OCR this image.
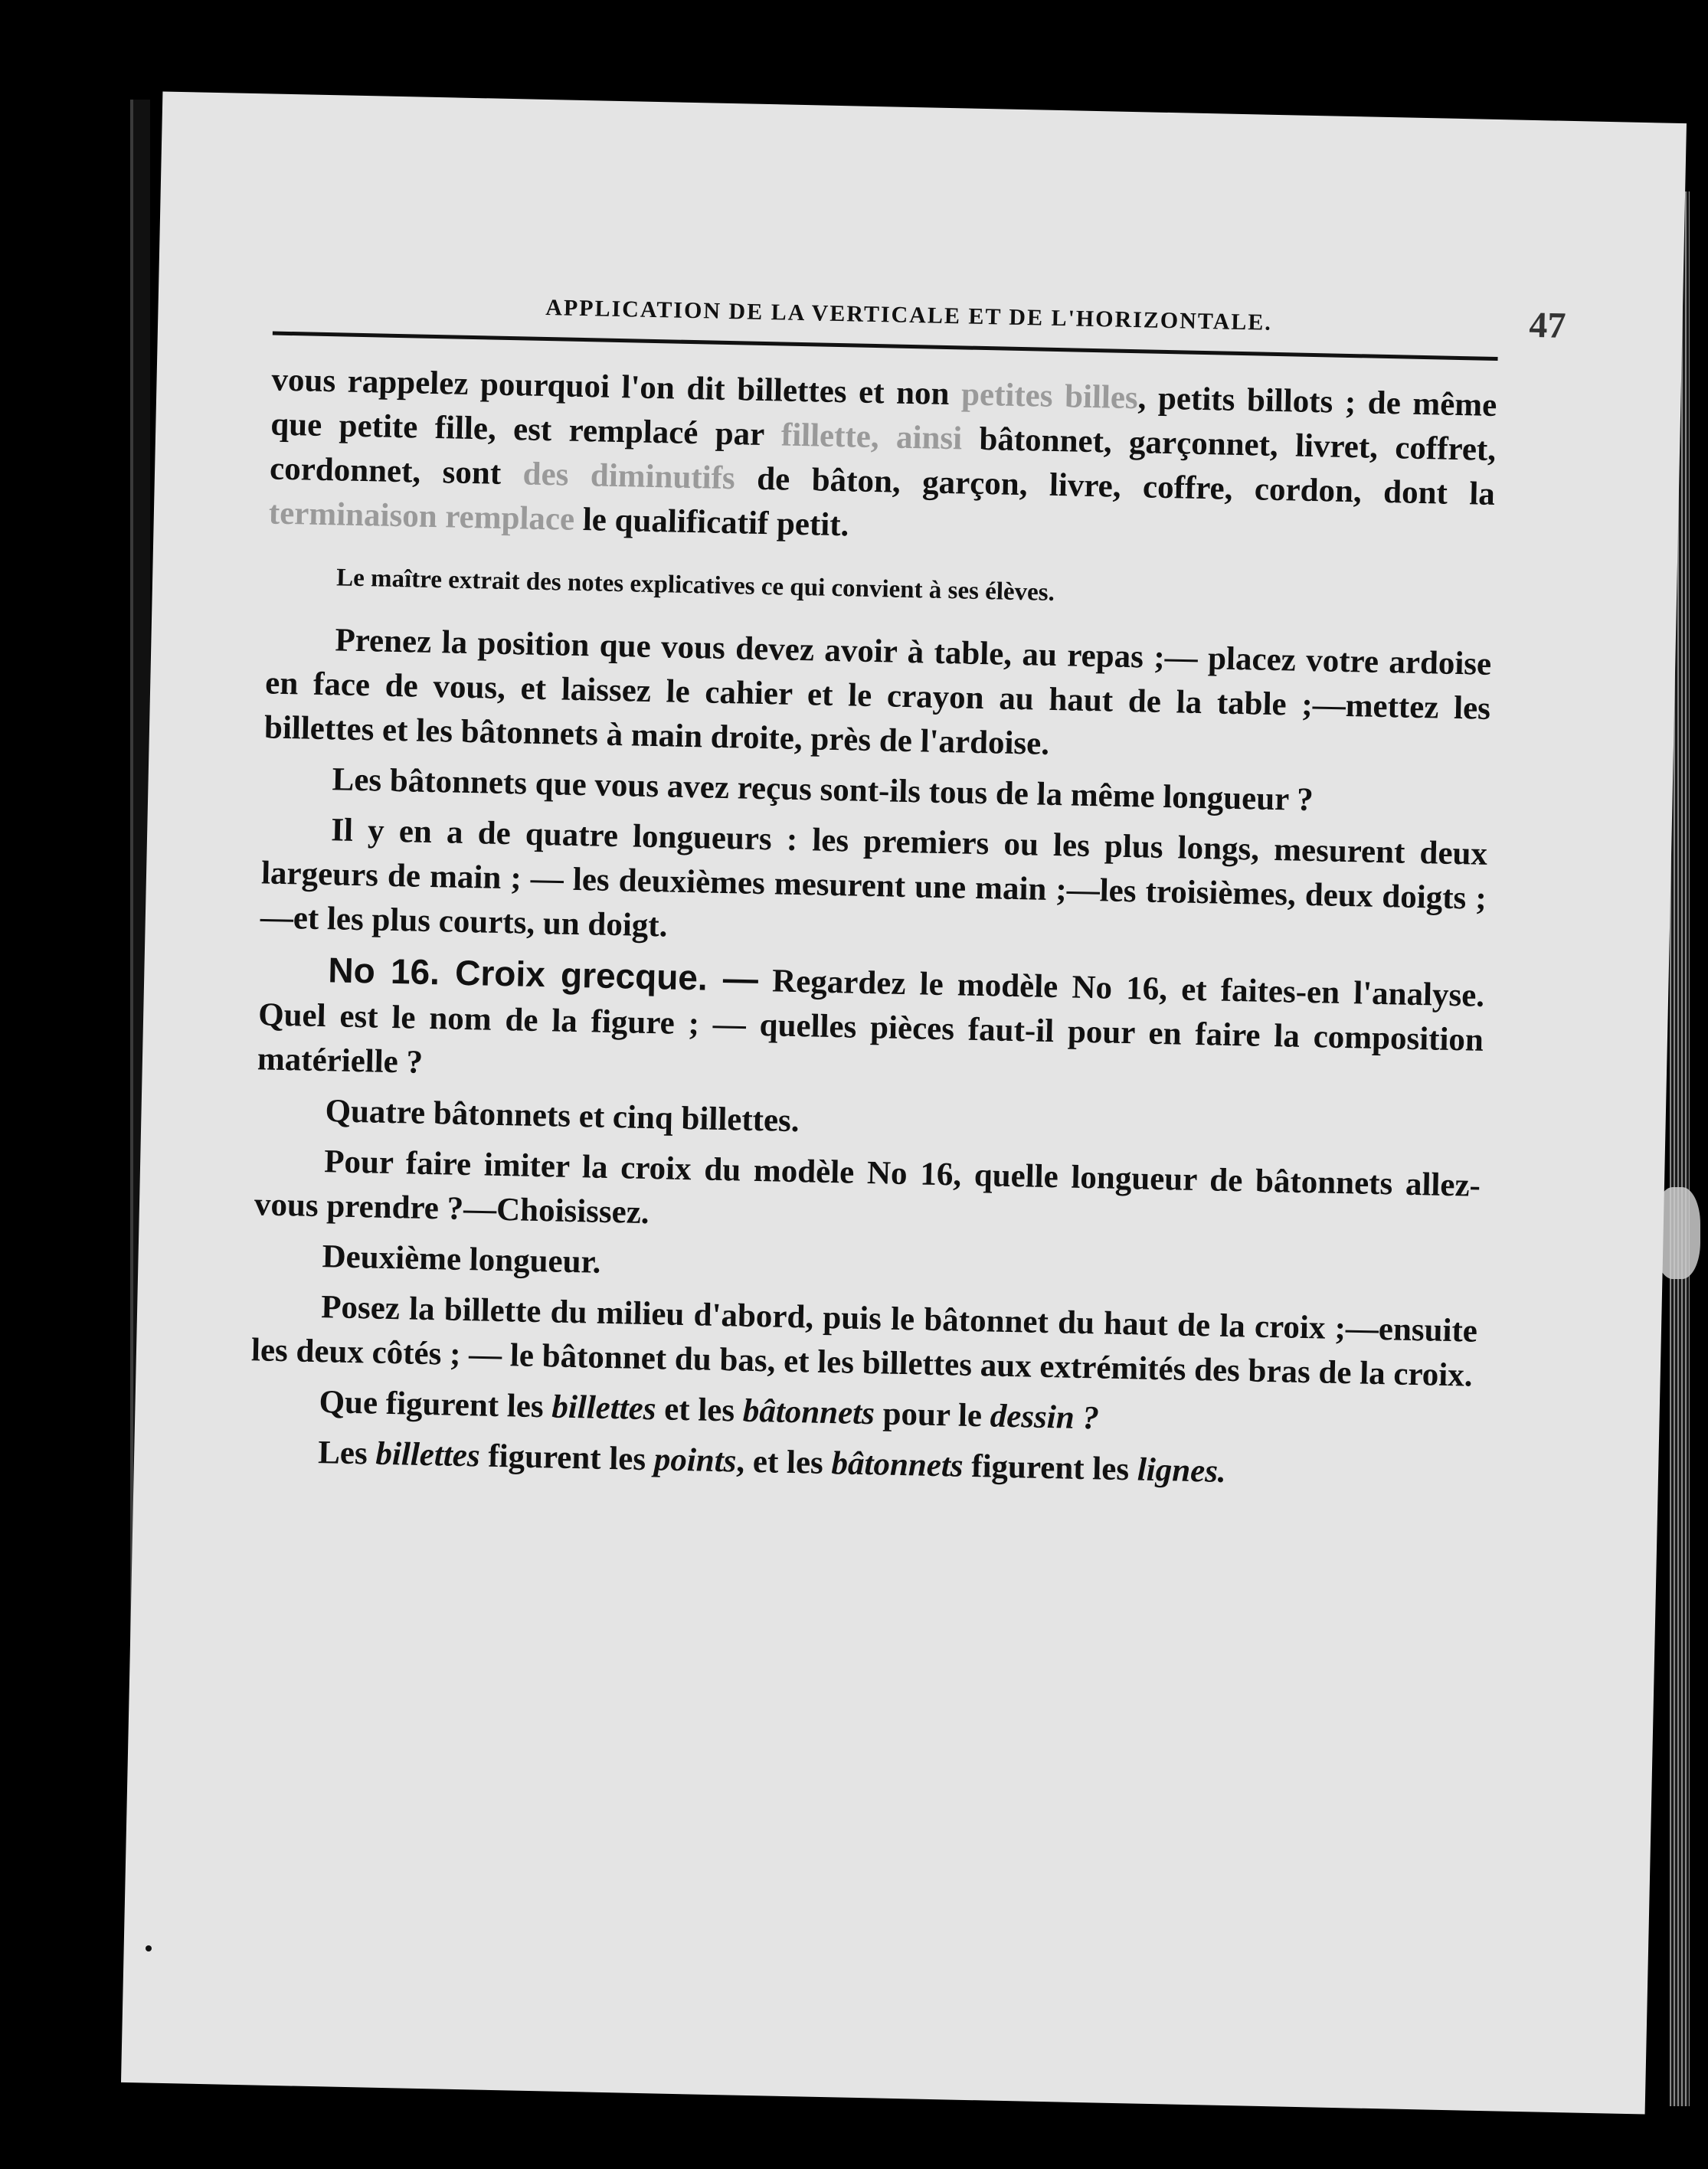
APPLICATION DE LA VERTICALE ET DE L'HORIZONTALE.	47

vous rappelez pourquoi l'on dit billettes et non petites billes, petits billots ; de même que petite fille, est remplacé par fillette, ainsi bâtonnet, garçonnet, livret, coffret, cordonnet, sont des diminutifs de bâton, garçon, livre, coffre, cordon, dont la terminaison remplace le qualificatif petit.

Le maître extrait des notes explicatives ce qui convient à ses élèves.

Prenez la position que vous devez avoir à table, au repas ;— placez votre ardoise en face de vous, et laissez le cahier et le crayon au haut de la table ;—mettez les billettes et les bâtonnets à main droite, près de l'ardoise.

Les bâtonnets que vous avez reçus sont-ils tous de la même longueur ?

Il y en a de quatre longueurs : les premiers ou les plus longs, mesurent deux largeurs de main ; — les deuxièmes mesurent une main ;—les troisièmes, deux doigts ;—et les plus courts, un doigt.

No 16. Croix grecque. — Regardez le modèle No 16, et faites-en l'analyse. Quel est le nom de la figure ; — quelles pièces faut-il pour en faire la composition matérielle ?

Quatre bâtonnets et cinq billettes.

Pour faire imiter la croix du modèle No 16, quelle longueur de bâtonnets allez-vous prendre ?—Choisissez.

Deuxième longueur.

Posez la billette du milieu d'abord, puis le bâtonnet du haut de la croix ;—ensuite les deux côtés ; — le bâtonnet du bas, et les billettes aux extrémités des bras de la croix.

Que figurent les billettes et les bâtonnets pour le dessin ?

Les billettes figurent les points, et les bâtonnets figurent les lignes.
